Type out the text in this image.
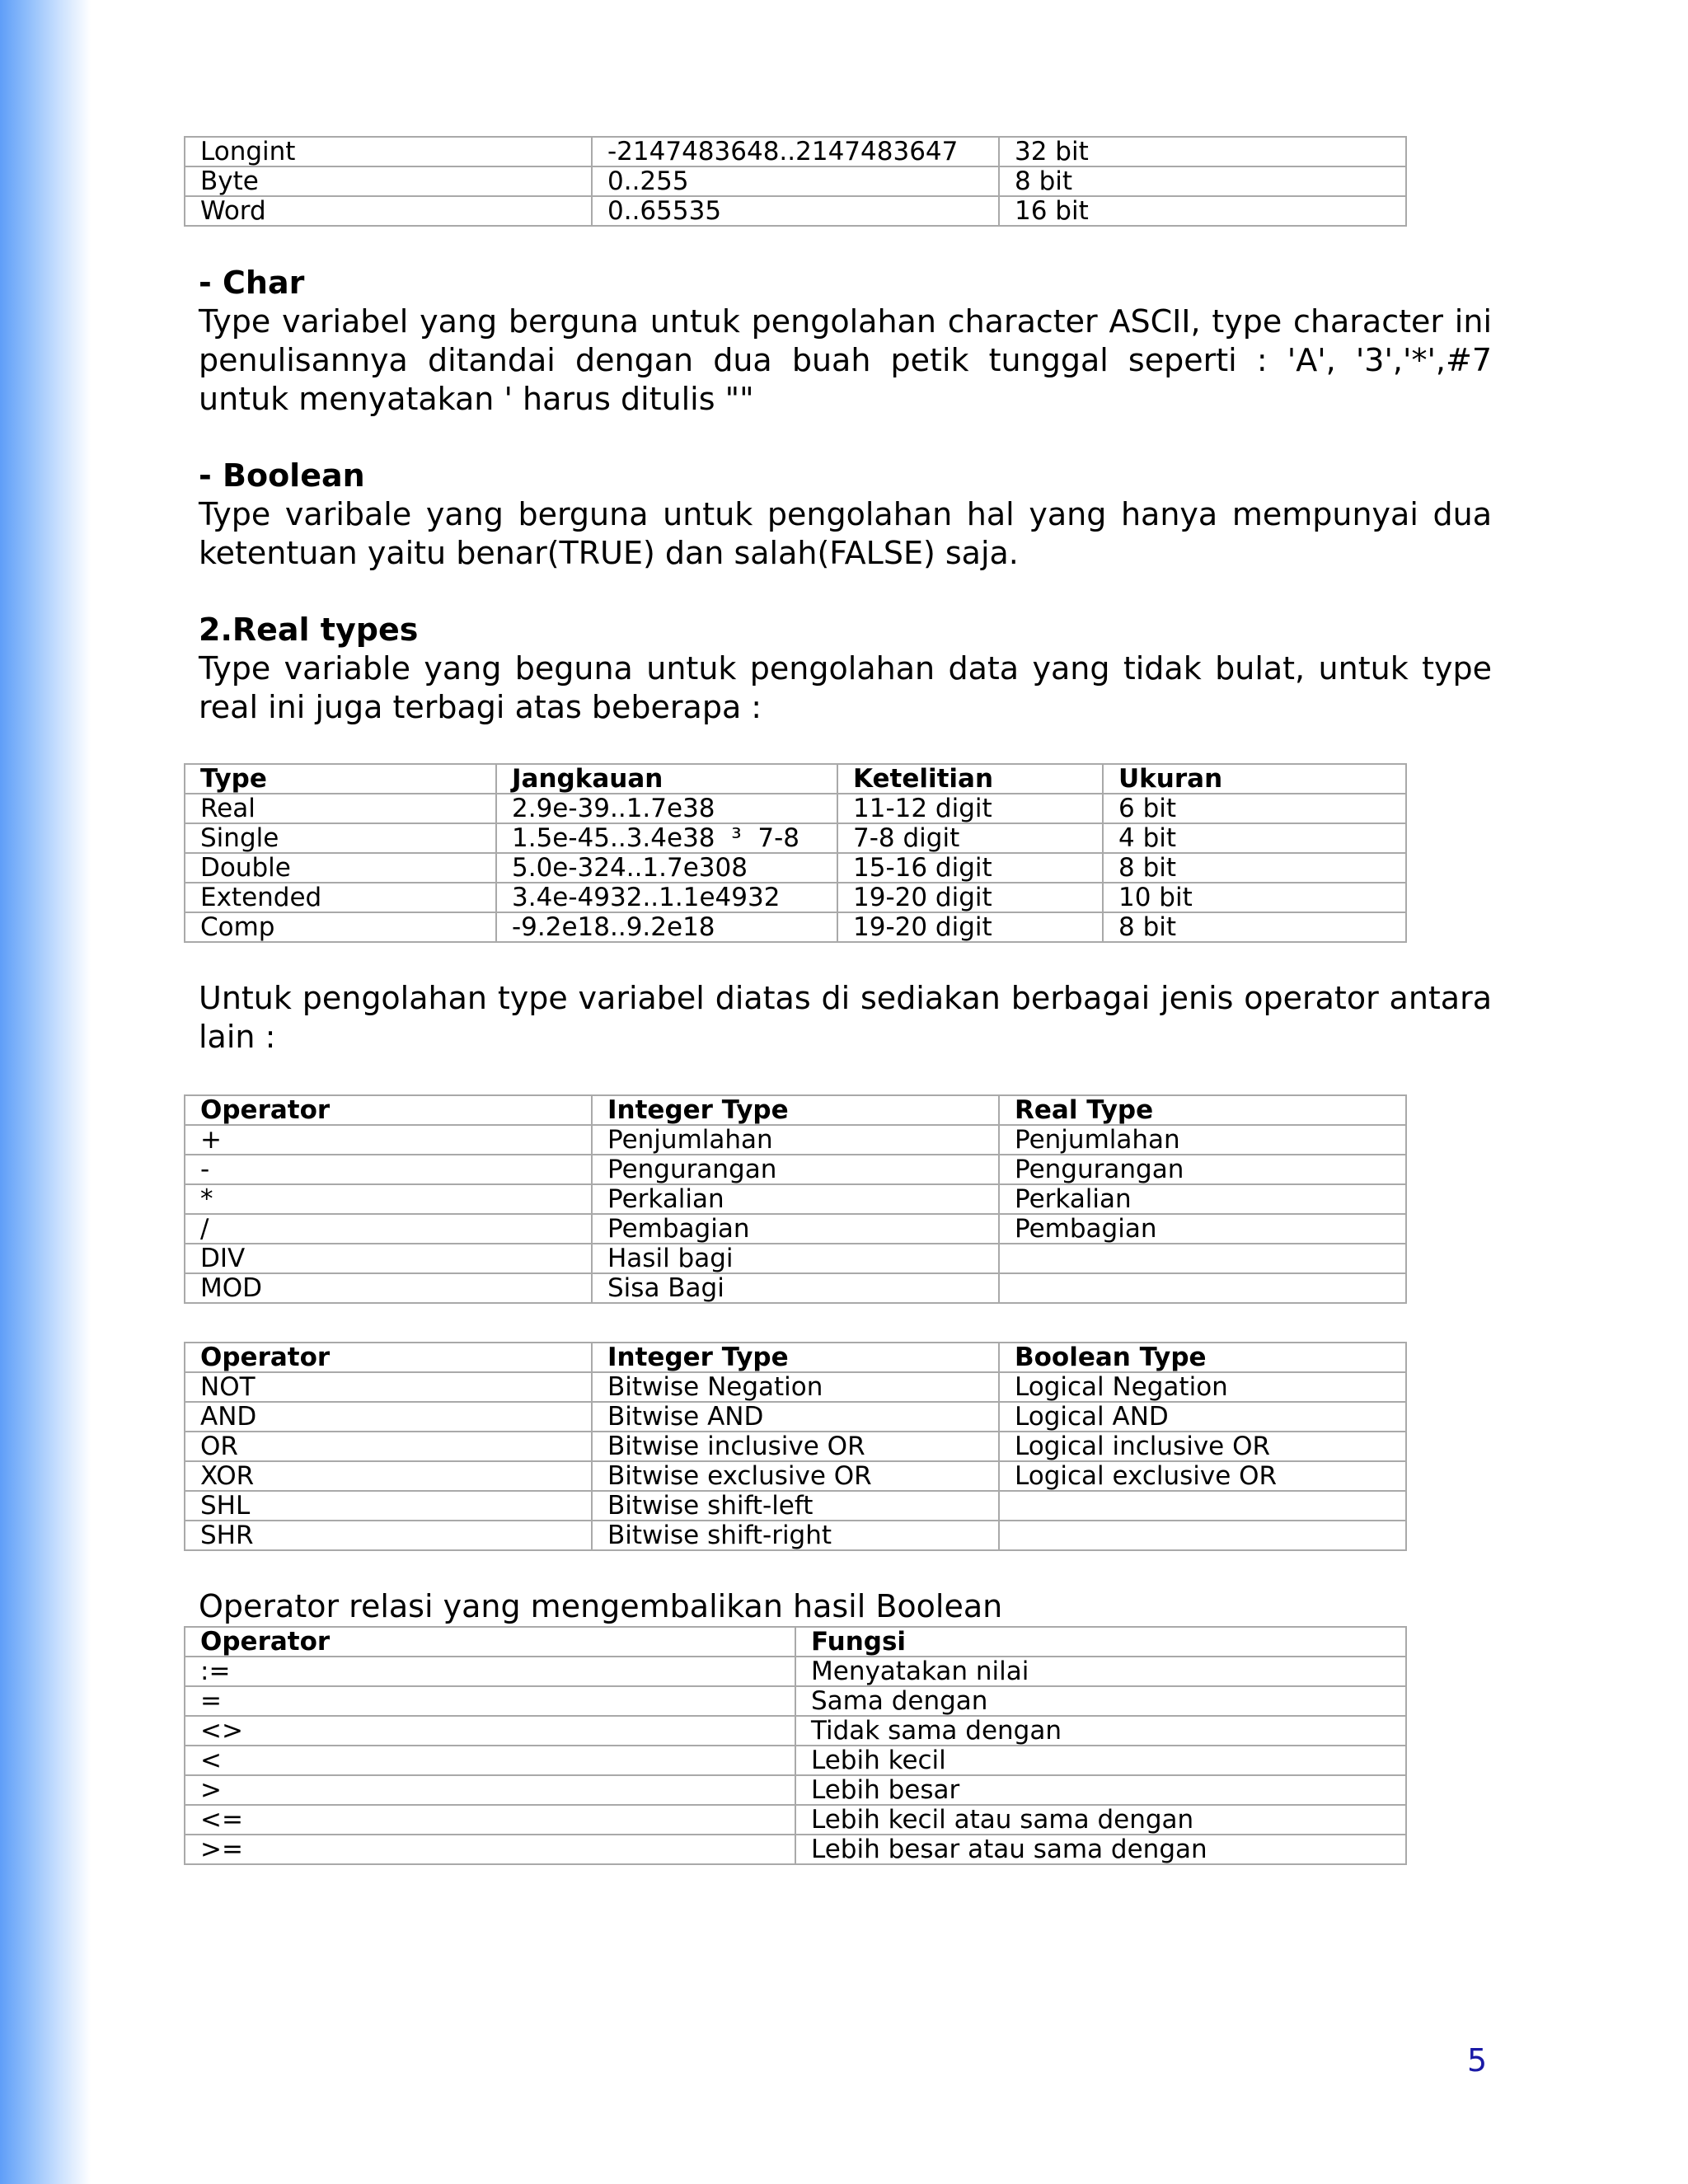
Longint	-2147483648..2147483647	32 bit
Byte	0..255	8 bit
Word	0..65535	16 bit
- Char
Type variabel yang berguna untuk pengolahan character ASCII, type character ini penulisannya ditandai dengan dua buah petik tunggal seperti : 'A', '3','*',#7 untuk menyatakan ' harus ditulis ""
- Boolean
Type varibale yang berguna untuk pengolahan hal yang hanya mempunyai dua ketentuan yaitu benar(TRUE) dan salah(FALSE) saja.
2.Real types
Type variable yang beguna untuk pengolahan data yang tidak bulat, untuk type real ini juga terbagi atas beberapa :
Type	Jangkauan	Ketelitian	Ukuran
Real	2.9e-39..1.7e38	11-12 digit	6 bit
Single	1.5e-45..3.4e38  ³  7-8	7-8 digit	4 bit
Double	5.0e-324..1.7e308	15-16 digit	8 bit
Extended	3.4e-4932..1.1e4932	19-20 digit	10 bit
Comp	-9.2e18..9.2e18	19-20 digit	8 bit
Untuk pengolahan type variabel diatas di sediakan berbagai jenis operator antara lain :
Operator	Integer Type	Real Type
+	Penjumlahan	Penjumlahan
-	Pengurangan	Pengurangan
*	Perkalian	Perkalian
/	Pembagian	Pembagian
DIV	Hasil bagi	
MOD	Sisa Bagi	
Operator	Integer Type	Boolean Type
NOT	Bitwise Negation	Logical Negation
AND	Bitwise AND	Logical AND
OR	Bitwise inclusive OR	Logical inclusive OR
XOR	Bitwise exclusive OR	Logical exclusive OR
SHL	Bitwise shift-left	
SHR	Bitwise shift-right	
Operator relasi yang mengembalikan hasil Boolean
Operator	Fungsi
:=	Menyatakan nilai
=	Sama dengan
<>	Tidak sama dengan
<	Lebih kecil
>	Lebih besar
<=	Lebih kecil atau sama dengan
>=	Lebih besar atau sama dengan
5
